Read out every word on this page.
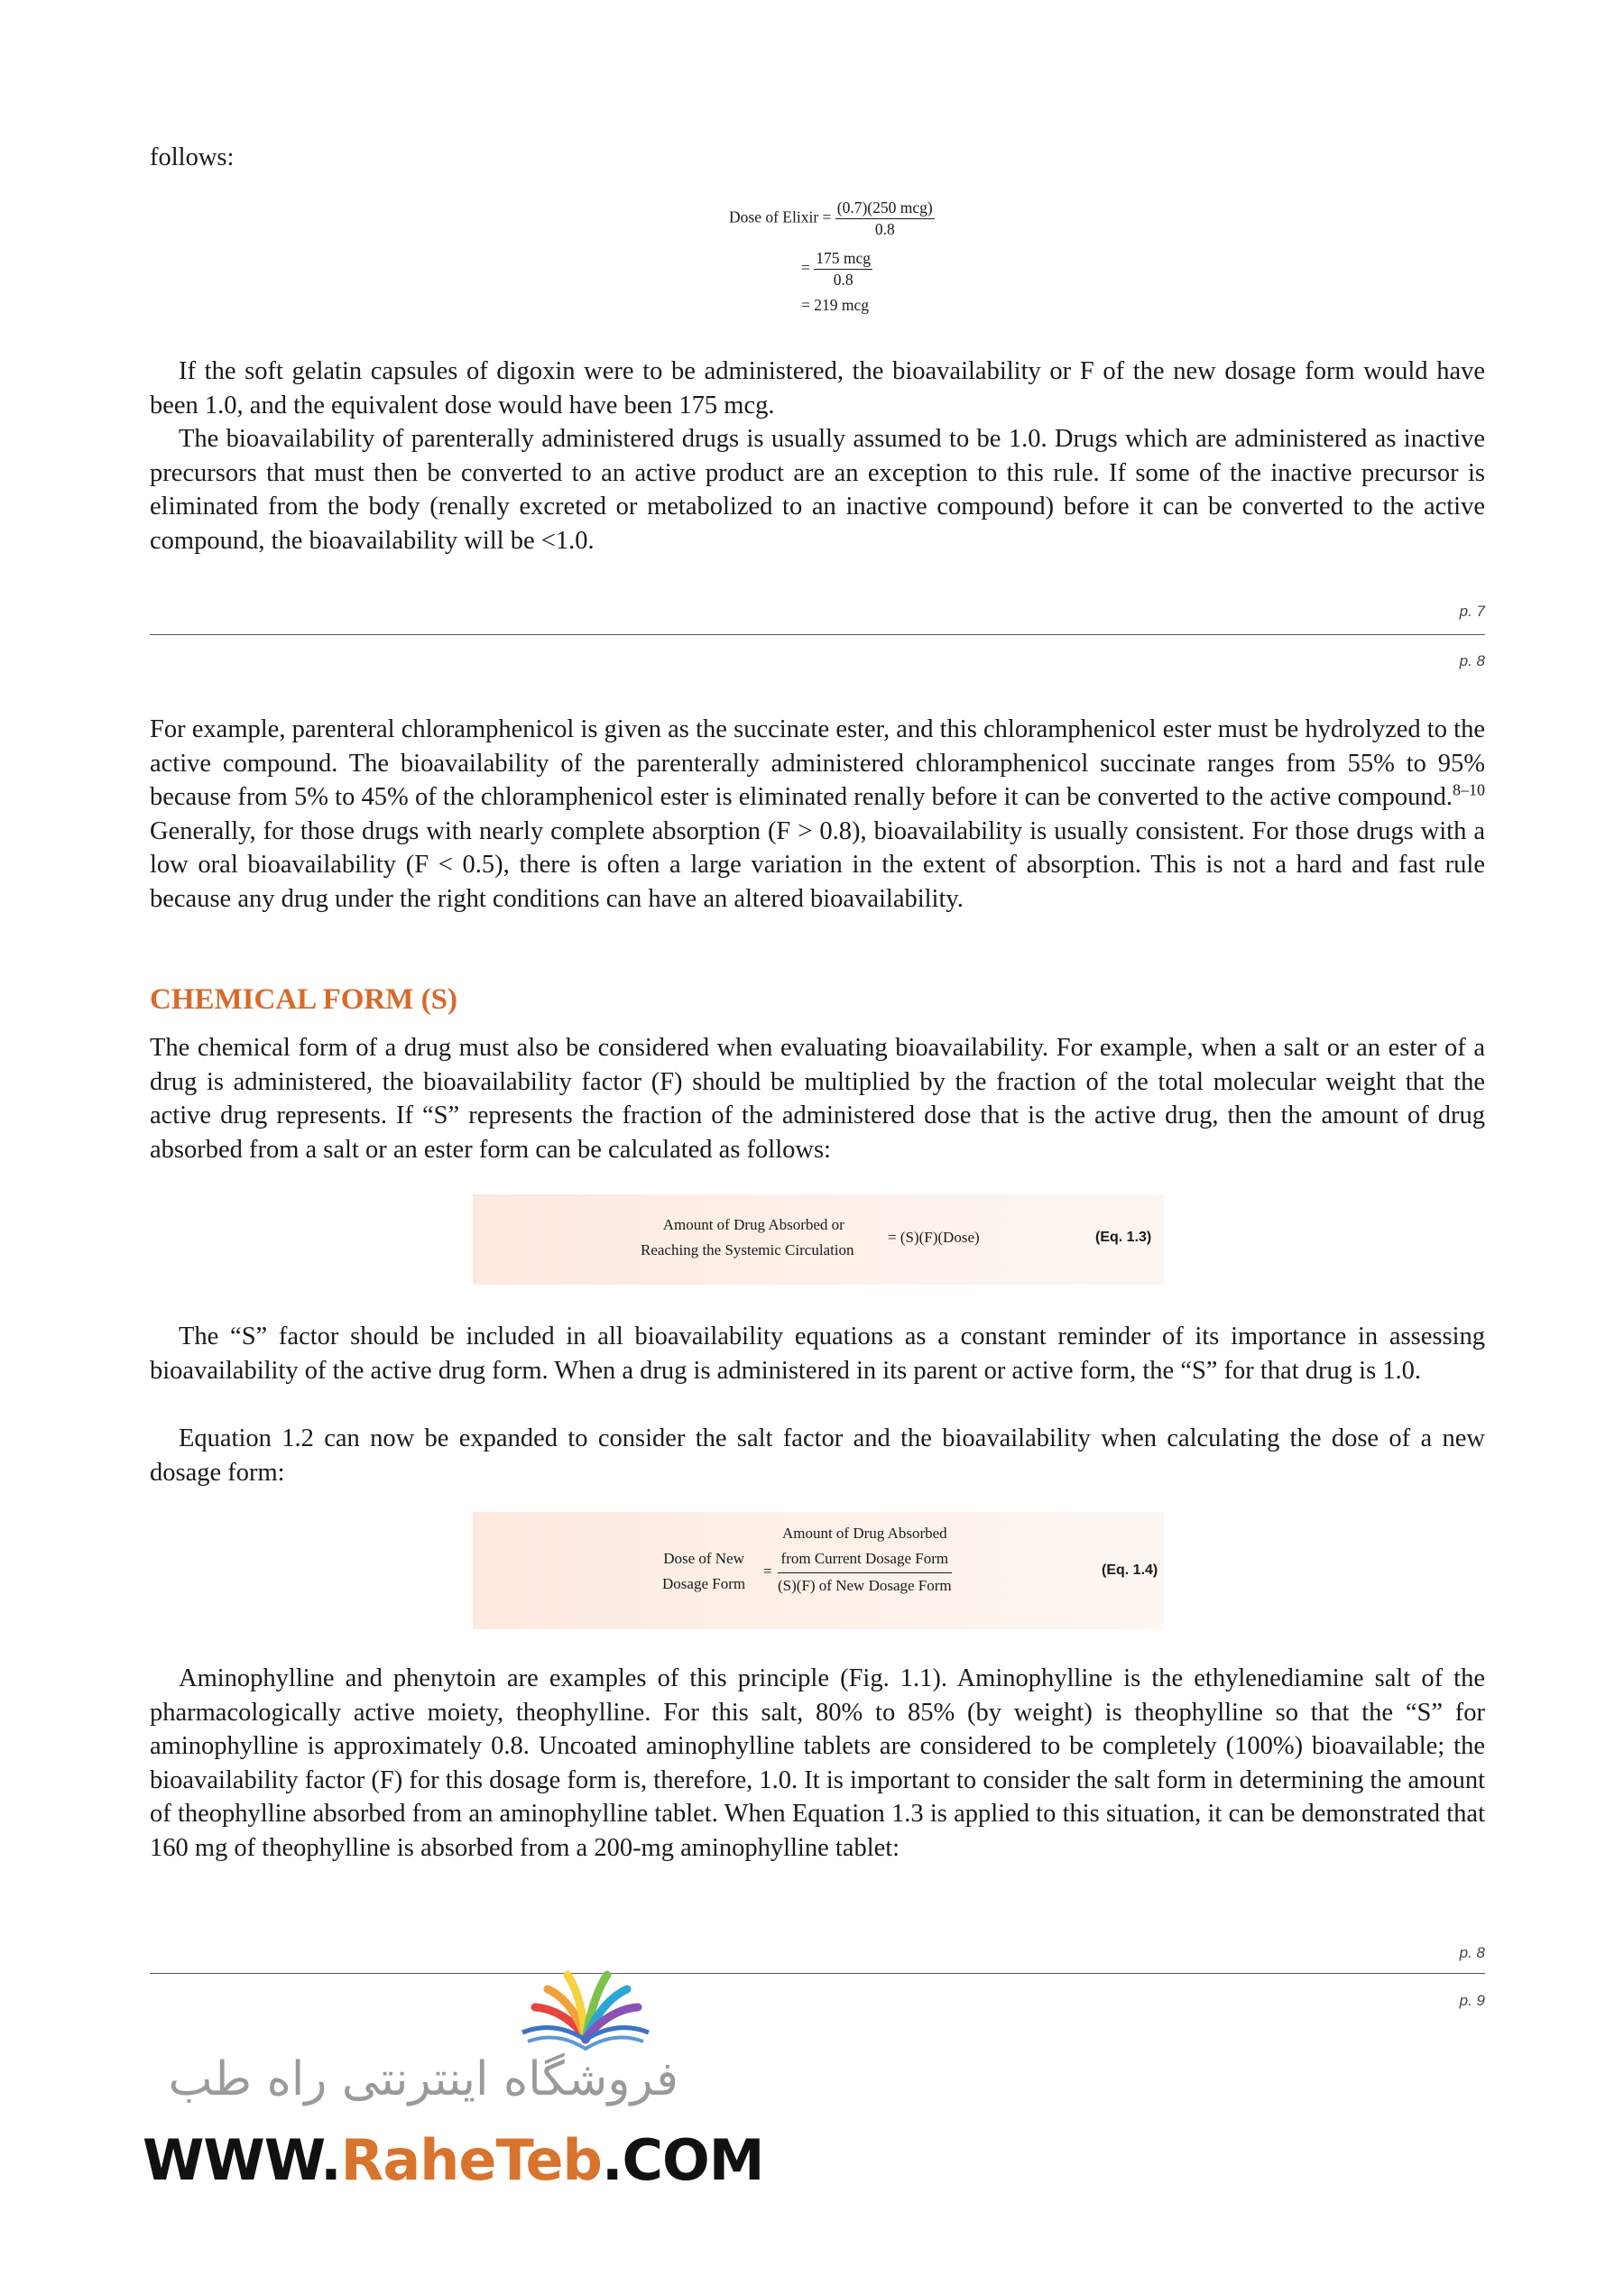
follows:

Dose of Elixir = $\frac{\text{(0.7)(250 mcg)}}{0.8}$
= $\frac{\text{175 mcg}}{0.8}$
= 219 mcg

If the soft gelatin capsules of digoxin were to be administered, the bioavailability or F of the new dosage form would have been 1.0, and the equivalent dose would have been 175 mcg.

The bioavailability of parenterally administered drugs is usually assumed to be 1.0. Drugs which are administered as inactive precursors that must then be converted to an active product are an exception to this rule. If some of the inactive precursor is eliminated from the body (renally excreted or metabolized to an inactive compound) before it can be converted to the active compound, the bioavailability will be <1.0.

p. 7
p. 8

For example, parenteral chloramphenicol is given as the succinate ester, and this chloramphenicol ester must be hydrolyzed to the active compound. The bioavailability of the parenterally administered chloramphenicol succinate ranges from 55% to 95% because from 5% to 45% of the chloramphenicol ester is eliminated renally before it can be converted to the active compound.$^{8-10}$ Generally, for those drugs with nearly complete absorption (F > 0.8), bioavailability is usually consistent. For those drugs with a low oral bioavailability (F < 0.5), there is often a large variation in the extent of absorption. This is not a hard and fast rule because any drug under the right conditions can have an altered bioavailability.

CHEMICAL FORM (S)

The chemical form of a drug must also be considered when evaluating bioavailability. For example, when a salt or an ester of a drug is administered, the bioavailability factor (F) should be multiplied by the fraction of the total molecular weight that the active drug represents. If “S” represents the fraction of the administered dose that is the active drug, then the amount of drug absorbed from a salt or an ester form can be calculated as follows:

Amount of Drug Absorbed or
Reaching the Systemic Circulation
= (S)(F)(Dose)	(Eq. 1.3)

The “S” factor should be included in all bioavailability equations as a constant reminder of its importance in assessing bioavailability of the active drug form. When a drug is administered in its parent or active form, the “S” for that drug is 1.0.

Equation 1.2 can now be expanded to consider the salt factor and the bioavailability when calculating the dose of a new dosage form:

Dose of New
Dosage Form
=
Amount of Drug Absorbed
from Current Dosage Form
(S)(F) of New Dosage Form
(Eq. 1.4)

Aminophylline and phenytoin are examples of this principle (Fig. 1.1). Aminophylline is the ethylenediamine salt of the pharmacologically active moiety, theophylline. For this salt, 80% to 85% (by weight) is theophylline so that the “S” for aminophylline is approximately 0.8. Uncoated aminophylline tablets are considered to be completely (100%) bioavailable; the bioavailability factor (F) for this dosage form is, therefore, 1.0. It is important to consider the salt form in determining the amount of theophylline absorbed from an aminophylline tablet. When Equation 1.3 is applied to this situation, it can be demonstrated that 160 mg of theophylline is absorbed from a 200-mg aminophylline tablet:

p. 8
p. 9
فروشگاه اینترنتی راه طب
WWW.RaheTeb.COM
